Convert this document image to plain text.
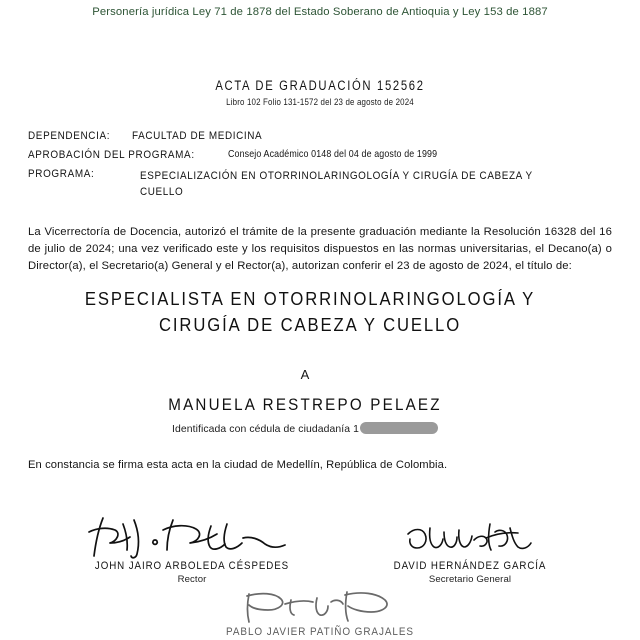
Personería jurídica Ley 71 de 1878 del Estado Soberano de Antioquia y Ley 153 de 1887
ACTA DE GRADUACIÓN 152562
Libro 102 Folio 131-1572 del 23 de agosto de 2024
DEPENDENCIA: FACULTAD DE MEDICINA
APROBACIÓN DEL PROGRAMA:	Consejo Académico 0148 del 04 de agosto de 1999
PROGRAMA:	ESPECIALIZACIÓN EN OTORRINOLARINGOLOGÍA Y CIRUGÍA DE CABEZA Y CUELLO
La Vicerrectoría de Docencia, autorizó el trámite de la presente graduación mediante la Resolución 16328 del 16 de julio de 2024; una vez verificado este y los requisitos dispuestos en las normas universitarias, el Decano(a) o Director(a), el Secretario(a) General y el Rector(a), autorizan conferir el 23 de agosto de 2024, el título de:
ESPECIALISTA EN OTORRINOLARINGOLOGÍA Y CIRUGÍA DE CABEZA Y CUELLO
A
MANUELA RESTREPO PELAEZ
Identificada con cédula de ciudadanía 1
En constancia se firma esta acta en la ciudad de Medellín, República de Colombia.
JOHN JAIRO ARBOLEDA CÉSPEDES
Rector
DAVID HERNÁNDEZ GARCÍA
Secretario General
PABLO JAVIER PATIÑO GRAJALES
